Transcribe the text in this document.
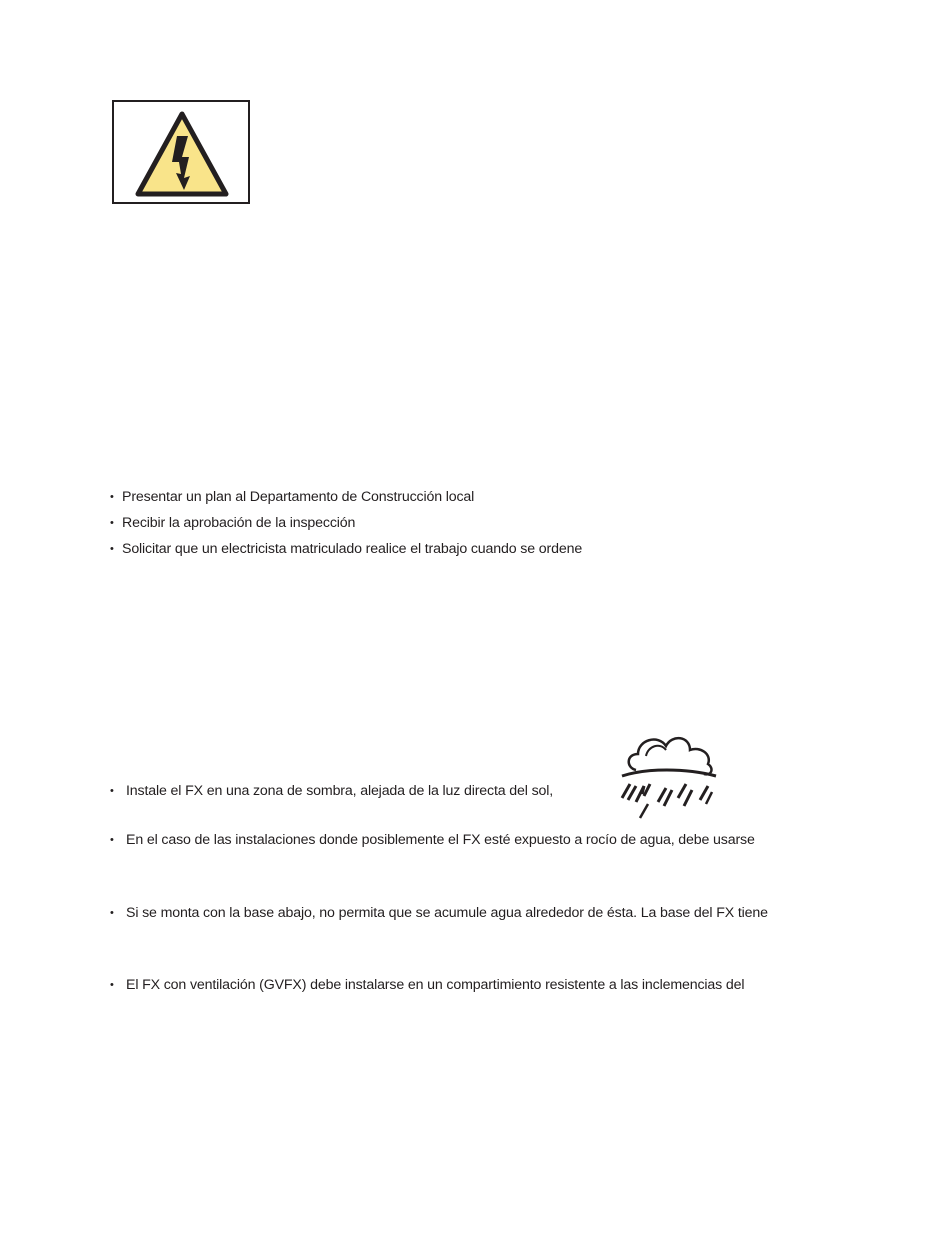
• Presentar un plan al Departamento de Construcción local
• Recibir la aprobación de la inspección
• Solicitar que un electricista matriculado realice el trabajo cuando se ordene
• Instale el FX en una zona de sombra, alejada de la luz directa del sol,
• En el caso de las instalaciones donde posiblemente el FX esté expuesto a rocío de agua, debe usarse
• Si se monta con la base abajo, no permita que se acumule agua alrededor de ésta. La base del FX tiene
• El FX con ventilación (GVFX) debe instalarse en un compartimiento resistente a las inclemencias del
